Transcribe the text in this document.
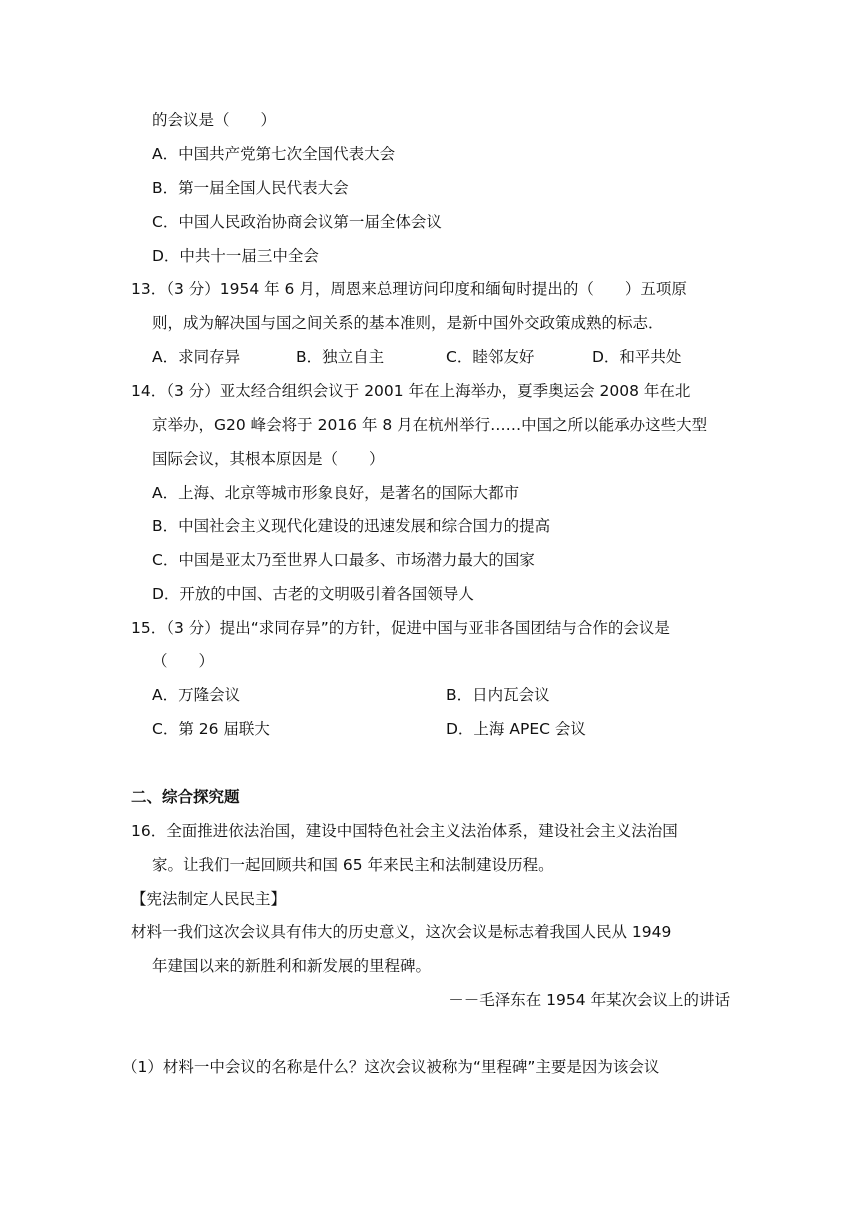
的会议是（　　）
A．中国共产党第七次全国代表大会
B．第一届全国人民代表大会
C．中国人民政治协商会议第一届全体会议
D．中共十一届三中全会
13．（3 分）1954 年 6 月，周恩来总理访问印度和缅甸时提出的（　　）五项原
则，成为解决国与国之间关系的基本准则，是新中国外交政策成熟的标志．
A．求同存异	B．独立自主	C．睦邻友好	D．和平共处
14．（3 分）亚太经合组织会议于 2001 年在上海举办，夏季奥运会 2008 年在北
京举办，G20 峰会将于 2016 年 8 月在杭州举行……中国之所以能承办这些大型
国际会议，其根本原因是（　　）
A．上海、北京等城市形象良好，是著名的国际大都市
B．中国社会主义现代化建设的迅速发展和综合国力的提高
C．中国是亚太乃至世界人口最多、市场潜力最大的国家
D．开放的中国、古老的文明吸引着各国领导人
15．（3 分）提出“求同存异”的方针，促进中国与亚非各国团结与合作的会议是
（　　）
A．万隆会议	B．日内瓦会议
C．第 26 届联大	D．上海 APEC 会议
二、综合探究题
16．全面推进依法治国，建设中国特色社会主义法治体系，建设社会主义法治国
家。让我们一起回顾共和国 65 年来民主和法制建设历程。
【宪法制定人民民主】
材料一我们这次会议具有伟大的历史意义，这次会议是标志着我国人民从 1949
年建国以来的新胜利和新发展的里程碑。
－－毛泽东在 1954 年某次会议上的讲话
（1）材料一中会议的名称是什么？这次会议被称为“里程碑”主要是因为该会议
